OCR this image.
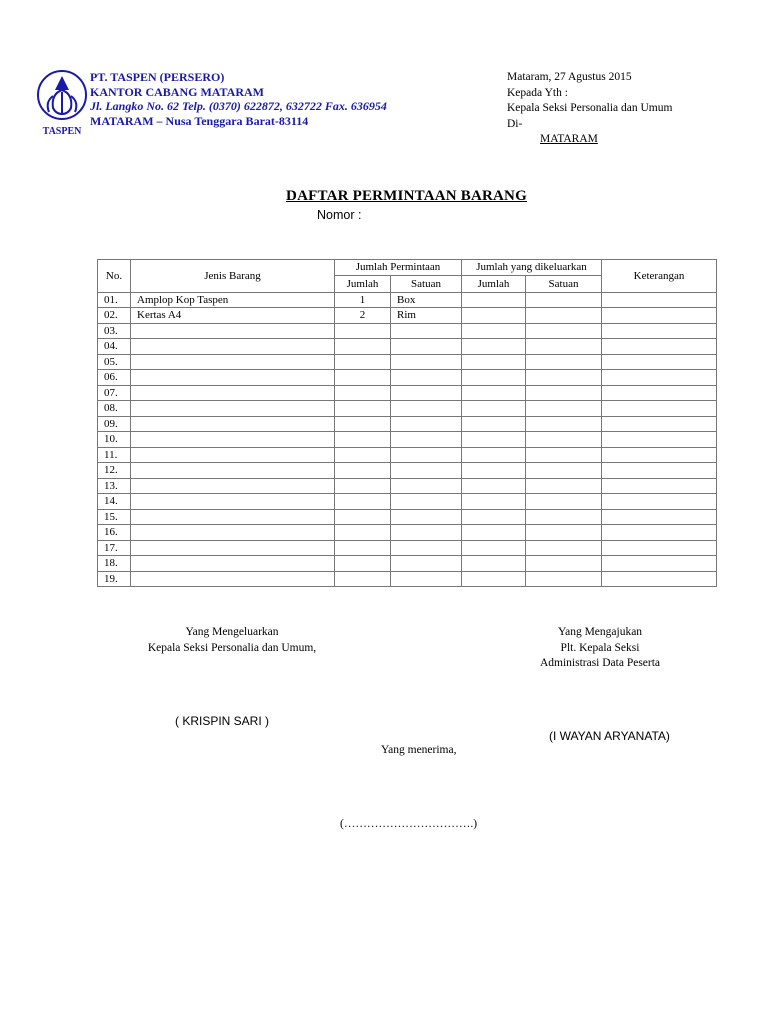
TASPEN
PT. TASPEN (PERSERO)
KANTOR CABANG MATARAM
Jl. Langko No. 62 Telp. (0370) 622872, 632722 Fax. 636954
MATARAM – Nusa Tenggara Barat-83114
Mataram, 27 Agustus 2015
Kepada Yth :
Kepala Seksi Personalia dan Umum
Di-
MATARAM
DAFTAR PERMINTAAN BARANG
Nomor :
No.	Jenis Barang	Jumlah Permintaan		Jumlah yang dikeluarkan		Keterangan
		Jumlah	Satuan	Jumlah	Satuan	
01.	Amplop Kop Taspen	1	Box			
02.	Kertas A4	2	Rim			
03.						
04.						
05.						
06.						
07.						
08.						
09.						
10.						
11.						
12.						
13.						
14.						
15.						
16.						
17.						
18.						
19.						
Yang Mengeluarkan
Kepala Seksi Personalia dan Umum,
Yang Mengajukan
Plt. Kepala Seksi
Administrasi Data Peserta
( KRISPIN SARI )
(I WAYAN ARYANATA)
Yang menerima,
(…………………………….)
